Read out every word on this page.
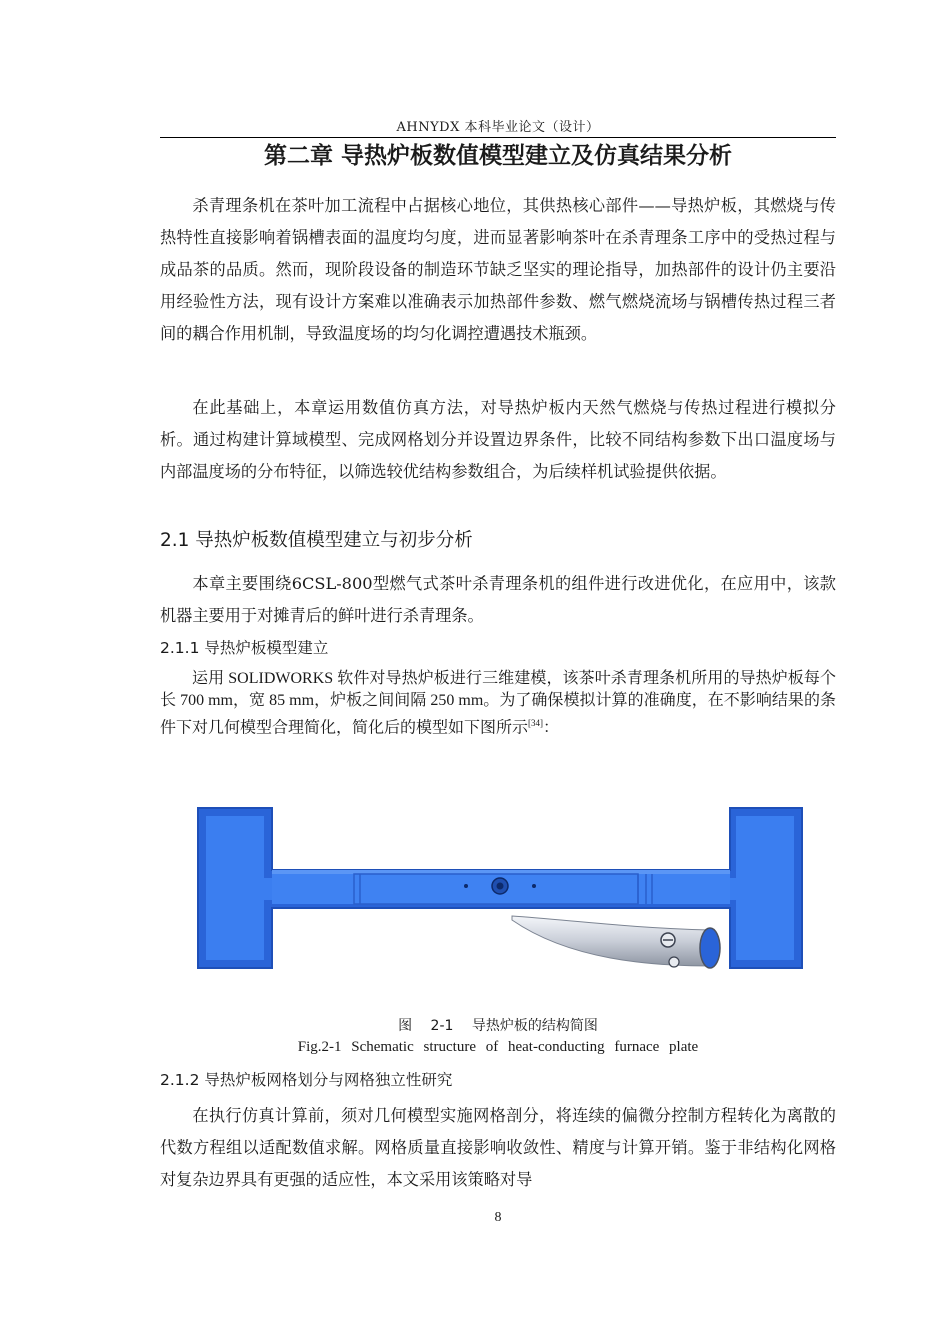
AHNYDX 本科毕业论文（设计）
第二章 导热炉板数值模型建立及仿真结果分析

杀青理条机在茶叶加工流程中占据核心地位，其供热核心部件——导热炉板，其燃烧与传热特性直接影响着锅槽表面的温度均匀度，进而显著影响茶叶在杀青理条工序中的受热过程与成品茶的品质。然而，现阶段设备的制造环节缺乏坚实的理论指导，加热部件的设计仍主要沿用经验性方法，现有设计方案难以准确表示加热部件参数、燃气燃烧流场与锅槽传热过程三者间的耦合作用机制，导致温度场的均匀化调控遭遇技术瓶颈。

在此基础上，本章运用数值仿真方法，对导热炉板内天然气燃烧与传热过程进行模拟分析。通过构建计算域模型、完成网格划分并设置边界条件，比较不同结构参数下出口温度场与内部温度场的分布特征，以筛选较优结构参数组合，为后续样机试验提供依据。

2.1 导热炉板数值模型建立与初步分析

本章主要围绕6CSL-800型燃气式茶叶杀青理条机的组件进行改进优化，在应用中，该款机器主要用于对摊青后的鲜叶进行杀青理条。

2.1.1 导热炉板模型建立

运用 SOLIDWORKS 软件对导热炉板进行三维建模，该茶叶杀青理条机所用的导热炉板每个长 700 mm，宽 85 mm，炉板之间间隔 250 mm。为了确保模拟计算的准确度，在不影响结果的条件下对几何模型合理简化，简化后的模型如下图所示[34]：

图 2-1 导热炉板的结构简图
Fig.2-1 Schematic structure of heat-conducting furnace plate
2.1.2 导热炉板网格划分与网格独立性研究

在执行仿真计算前，须对几何模型实施网格剖分，将连续的偏微分控制方程转化为离散的代数方程组以适配数值求解。网格质量直接影响收敛性、精度与计算开销。鉴于非结构化网格对复杂边界具有更强的适应性，本文采用该策略对导

8
